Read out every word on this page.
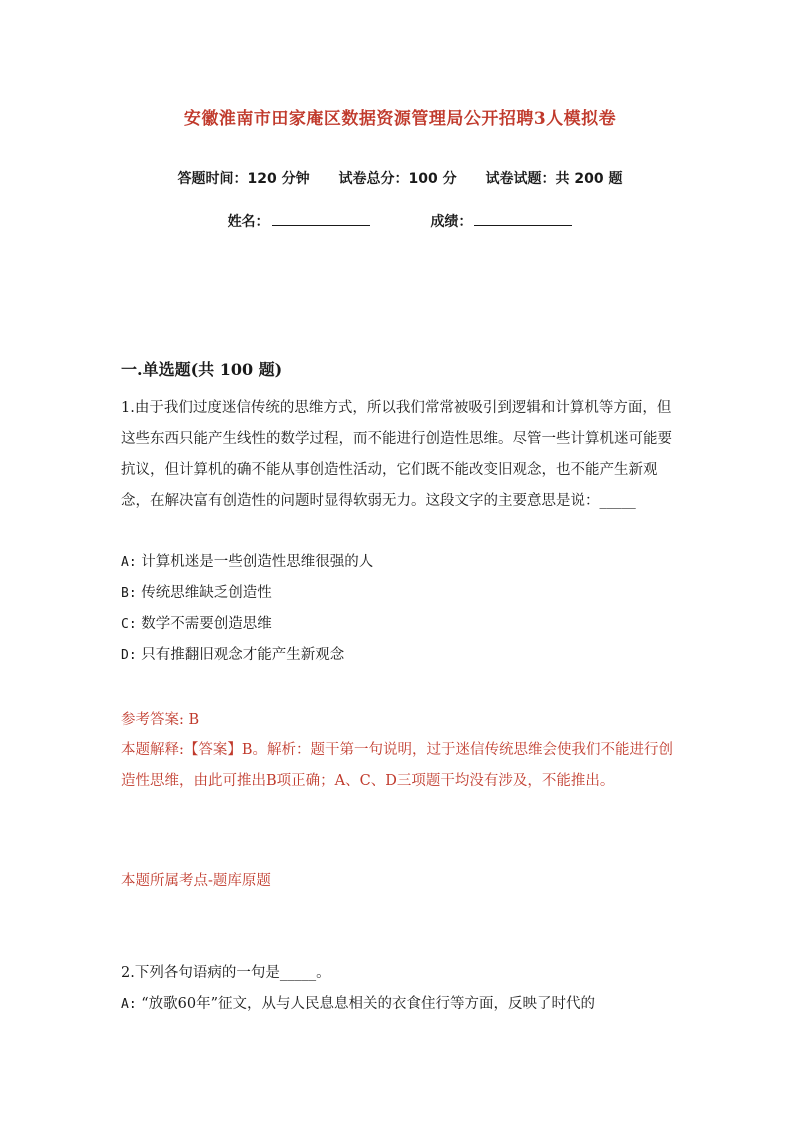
安徽淮南市田家庵区数据资源管理局公开招聘3人模拟卷
答题时间：120 分钟 试卷总分：100 分 试卷试题：共 200 题
姓名：	成绩：
一.单选题(共 100 题)
1.由于我们过度迷信传统的思维方式，所以我们常常被吸引到逻辑和计算机等方面，但这些东西只能产生线性的数学过程，而不能进行创造性思维。尽管一些计算机迷可能要抗议，但计算机的确不能从事创造性活动，它们既不能改变旧观念，也不能产生新观念，在解决富有创造性的问题时显得软弱无力。这段文字的主要意思是说：_____
A: 计算机迷是一些创造性思维很强的人
B: 传统思维缺乏创造性
C: 数学不需要创造思维
D: 只有推翻旧观念才能产生新观念
参考答案: B
本题解释:【答案】B。解析：题干第一句说明，过于迷信传统思维会使我们不能进行创造性思维，由此可推出B项正确；A、C、D三项题干均没有涉及，不能推出。
本题所属考点-题库原题
2.下列各句语病的一句是_____。
A: “放歌60年”征文，从与人民息息相关的衣食住行等方面，反映了时代的
